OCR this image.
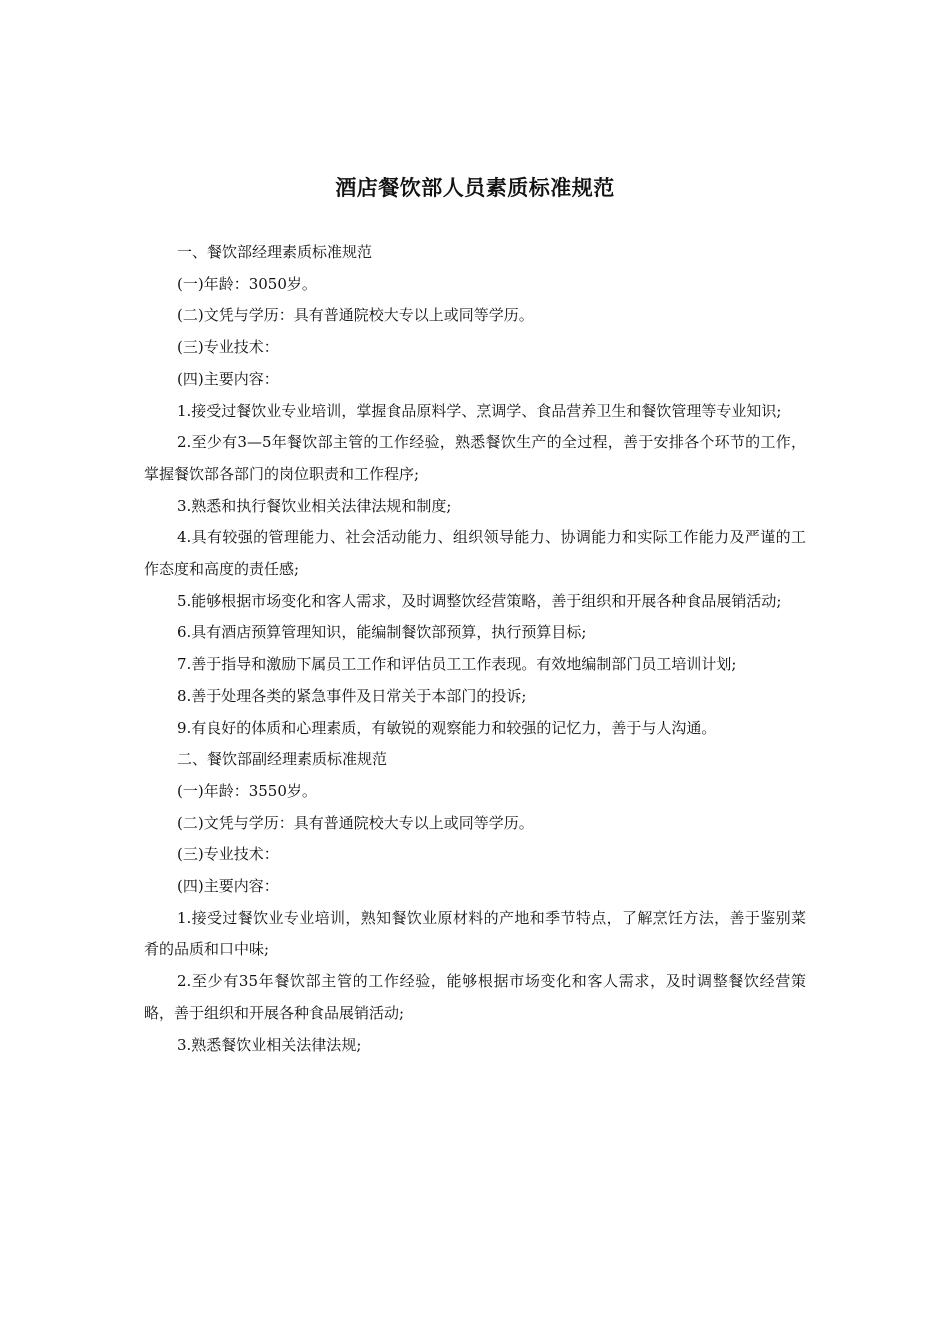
酒店餐饮部人员素质标准规范

一、餐饮部经理素质标准规范

(一)年龄：3050岁。

(二)文凭与学历：具有普通院校大专以上或同等学历。

(三)专业技术：

(四)主要内容：

1.接受过餐饮业专业培训，掌握食品原料学、烹调学、食品营养卫生和餐饮管理等专业知识;

2.至少有3—5年餐饮部主管的工作经验，熟悉餐饮生产的全过程，善于安排各个环节的工作，掌握餐饮部各部门的岗位职责和工作程序;

3.熟悉和执行餐饮业相关法律法规和制度;

4.具有较强的管理能力、社会活动能力、组织领导能力、协调能力和实际工作能力及严谨的工作态度和高度的责任感;

5.能够根据市场变化和客人需求，及时调整饮经营策略，善于组织和开展各种食品展销活动;

6.具有酒店预算管理知识，能编制餐饮部预算，执行预算目标;

7.善于指导和激励下属员工工作和评估员工工作表现。有效地编制部门员工培训计划;

8.善于处理各类的紧急事件及日常关于本部门的投诉;

9.有良好的体质和心理素质，有敏锐的观察能力和较强的记忆力，善于与人沟通。

二、餐饮部副经理素质标准规范

(一)年龄：3550岁。

(二)文凭与学历：具有普通院校大专以上或同等学历。

(三)专业技术：

(四)主要内容：

1.接受过餐饮业专业培训，熟知餐饮业原材料的产地和季节特点，了解烹饪方法，善于鉴别菜肴的品质和口中味;

2.至少有35年餐饮部主管的工作经验，能够根据市场变化和客人需求，及时调整餐饮经营策略，善于组织和开展各种食品展销活动;

3.熟悉餐饮业相关法律法规;
